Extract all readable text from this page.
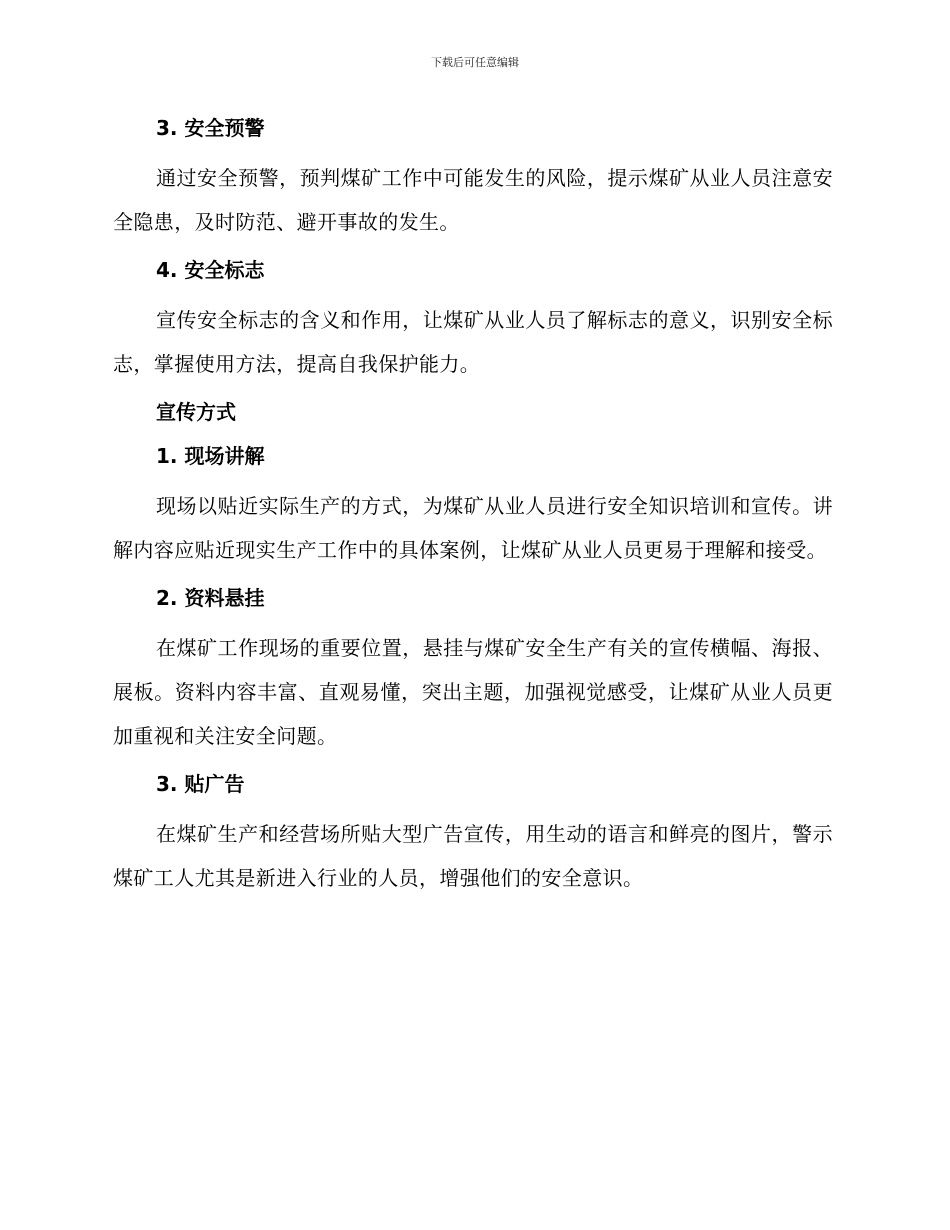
下载后可任意编辑
3. 安全预警

通过安全预警，预判煤矿工作中可能发生的风险，提示煤矿从业人员注意安全隐患，及时防范、避开事故的发生。

4. 安全标志

宣传安全标志的含义和作用，让煤矿从业人员了解标志的意义，识别安全标志，掌握使用方法，提高自我保护能力。

宣传方式
1. 现场讲解

现场以贴近实际生产的方式，为煤矿从业人员进行安全知识培训和宣传。讲解内容应贴近现实生产工作中的具体案例，让煤矿从业人员更易于理解和接受。

2. 资料悬挂

在煤矿工作现场的重要位置，悬挂与煤矿安全生产有关的宣传横幅、海报、展板。资料内容丰富、直观易懂，突出主题，加强视觉感受，让煤矿从业人员更加重视和关注安全问题。

3. 贴广告

在煤矿生产和经营场所贴大型广告宣传，用生动的语言和鲜亮的图片，警示煤矿工人尤其是新进入行业的人员，增强他们的安全意识。
